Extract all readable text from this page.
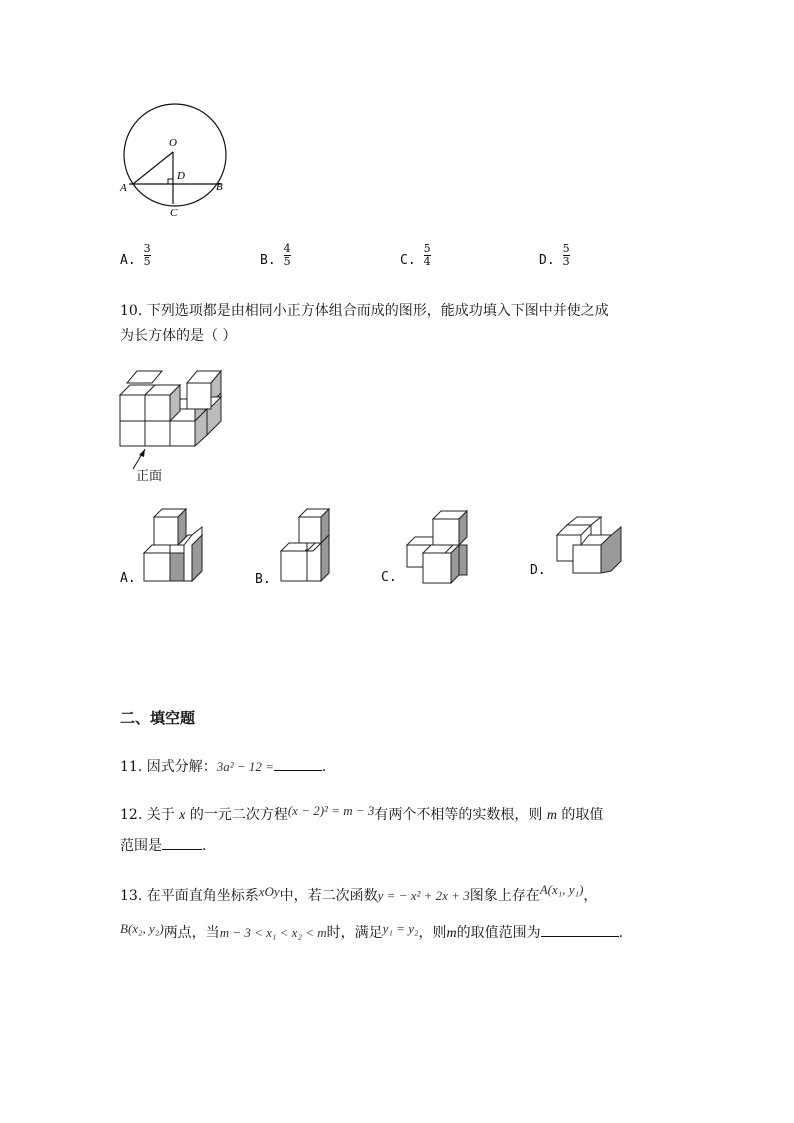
O
D
A	B
C
A. $\frac{3}{5}$	B. $\frac{4}{5}$	C. $\frac{5}{4}$	D. $\frac{5}{3}$
10. 下列选项都是由相同小正方体组合而成的图形，能成功填入下图中并使之成
为长方体的是（ ）
正面
A.	B.	C.	D.
二、填空题
11. 因式分解：3a² − 12 =	.
12. 关于 x 的一元二次方程(x − 2)² = m − 3有两个不相等的实数根，则 m 的取值
范围是	.
13. 在平面直角坐标系xOy中，若二次函数y = − x² + 2x + 3图象上存在A(x₁, y₁)，
B(x₂, y₂)两点，当m − 3 < x₁ < x₂ < m时，满足y₁ = y₂，则m的取值范围为	.
